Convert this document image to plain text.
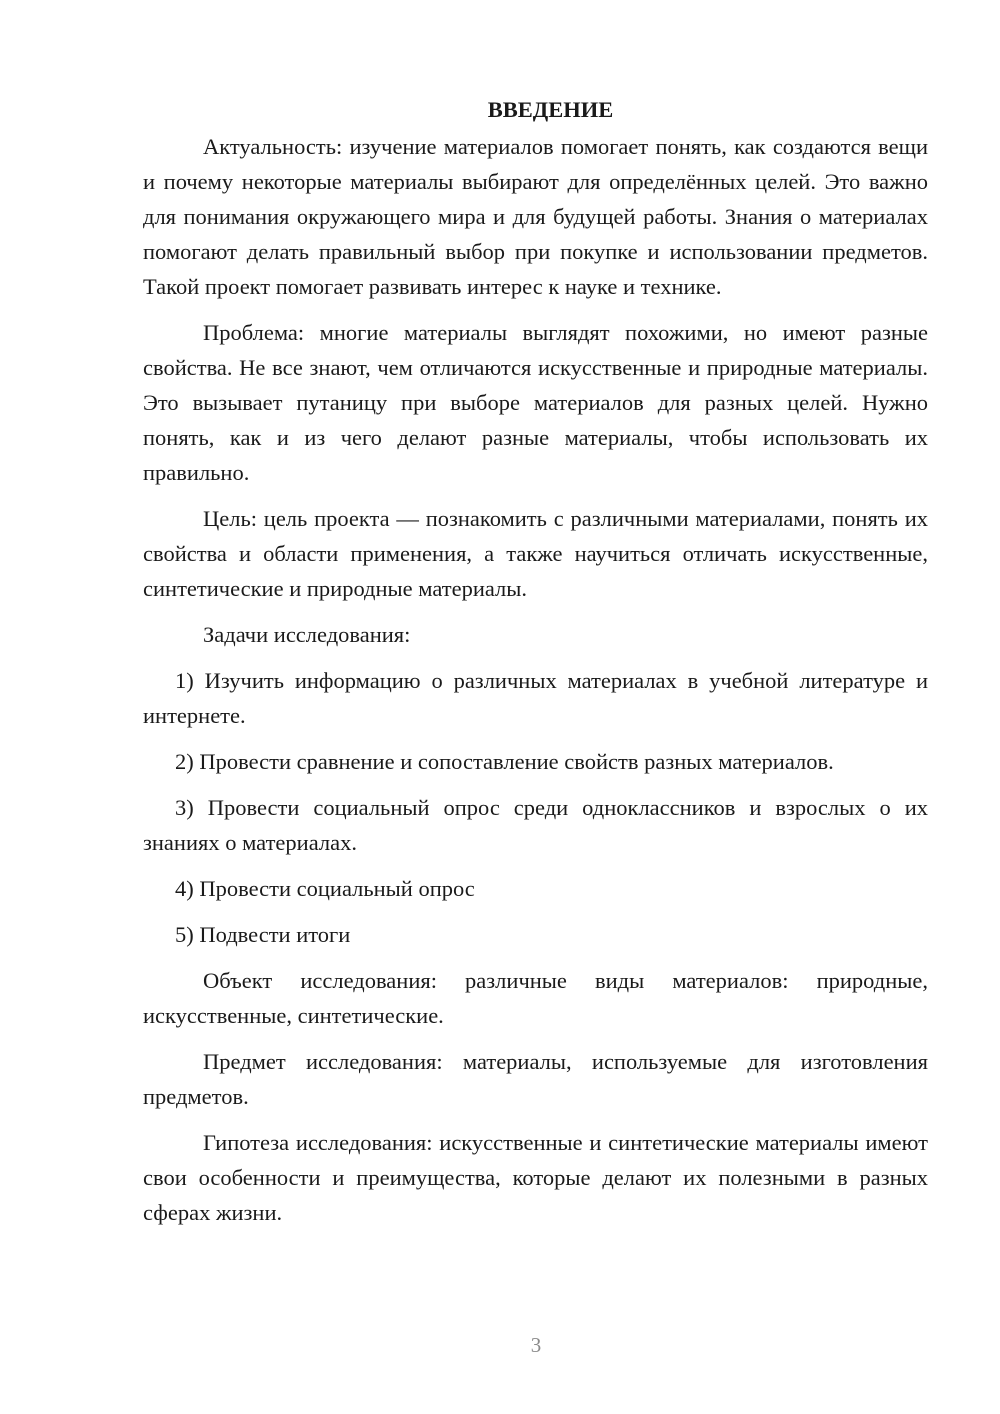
ВВЕДЕНИЕ

Актуальность: изучение материалов помогает понять, как создаются вещи и почему некоторые материалы выбирают для определённых целей. Это важно для понимания окружающего мира и для будущей работы. Знания о материалах помогают делать правильный выбор при покупке и использовании предметов. Такой проект помогает развивать интерес к науке и технике.

Проблема: многие материалы выглядят похожими, но имеют разные свойства. Не все знают, чем отличаются искусственные и природные материалы. Это вызывает путаницу при выборе материалов для разных целей. Нужно понять, как и из чего делают разные материалы, чтобы использовать их правильно.

Цель: цель проекта — познакомить с различными материалами, понять их свойства и области применения, а также научиться отличать искусственные, синтетические и природные материалы.

Задачи исследования:

1) Изучить информацию о различных материалах в учебной литературе и интернете.

2) Провести сравнение и сопоставление свойств разных материалов.

3) Провести социальный опрос среди одноклассников и взрослых о их знаниях о материалах.

4) Провести социальный опрос

5) Подвести итоги

Объект исследования: различные виды материалов: природные, искусственные, синтетические.

Предмет исследования: материалы, используемые для изготовления предметов.

Гипотеза исследования: искусственные и синтетические материалы имеют свои особенности и преимущества, которые делают их полезными в разных сферах жизни.

3
